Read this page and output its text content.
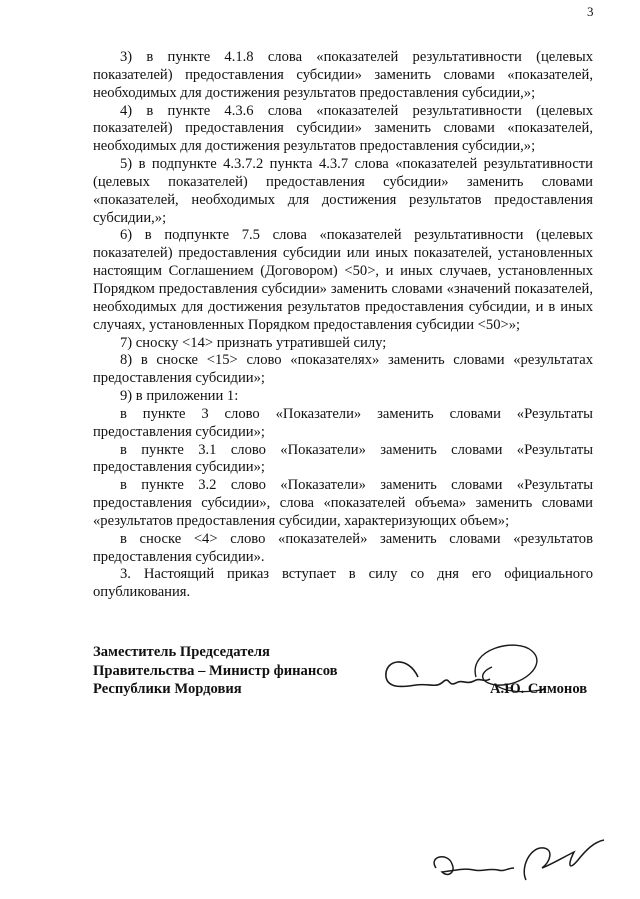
3

3) в пункте 4.1.8 слова «показателей результативности (целевых показателей) предоставления субсидии» заменить словами «показателей, необходимых для достижения результатов предоставления субсидии,»;

4) в пункте 4.3.6 слова «показателей результативности (целевых показателей) предоставления субсидии» заменить словами «показателей, необходимых для достижения результатов предоставления субсидии,»;

5) в подпункте 4.3.7.2 пункта 4.3.7 слова «показателей результативности (целевых показателей) предоставления субсидии» заменить словами «показателей, необходимых для достижения результатов предоставления субсидии,»;

6) в подпункте 7.5 слова «показателей результативности (целевых показателей) предоставления субсидии или иных показателей, установленных настоящим Соглашением (Договором) <50>, и иных случаев, установленных Порядком предоставления субсидии» заменить словами «значений показателей, необходимых для достижения результатов предоставления субсидии, и в иных случаях, установленных Порядком предоставления субсидии <50>»;

7) сноску <14> признать утратившей силу;

8) в сноске <15> слово «показателях» заменить словами «результатах предоставления субсидии»;

9) в приложении 1:

в пункте 3 слово «Показатели» заменить словами «Результаты предоставления субсидии»;

в пункте 3.1 слово «Показатели» заменить словами «Результаты предоставления субсидии»;

в пункте 3.2 слово «Показатели» заменить словами «Результаты предоставления субсидии», слова «показателей объема» заменить словами «результатов предоставления субсидии, характеризующих объем»;

в сноске <4> слово «показателей» заменить словами «результатов предоставления субсидии».

3. Настоящий приказ вступает в силу со дня его официального опубликования.

Заместитель Председателя
Правительства – Министр финансов
Республики Мордовия	А.Ю. Симонов
